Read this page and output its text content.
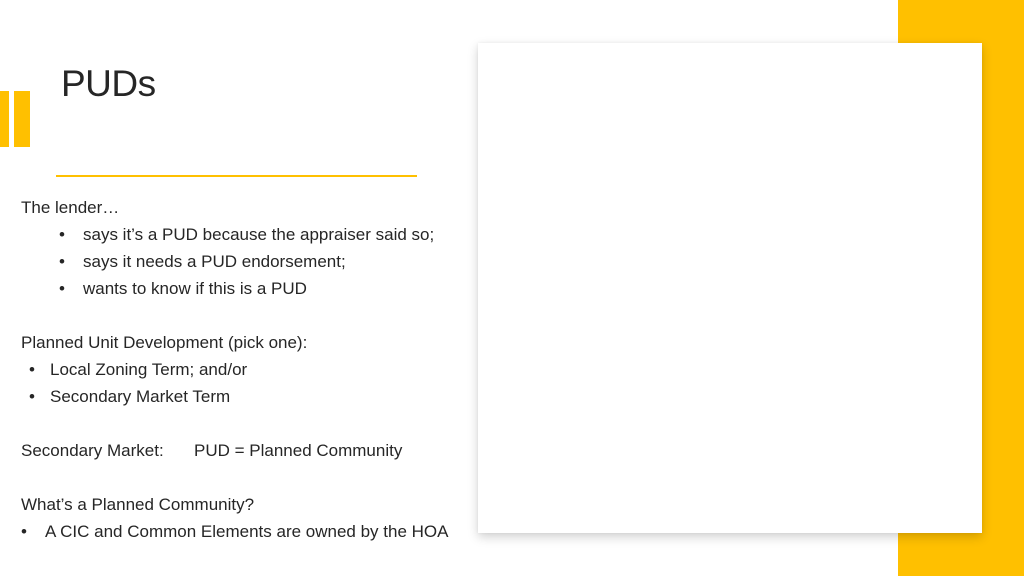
PUDs
The lender…
• says it’s a PUD because the appraiser said so;
• says it needs a PUD endorsement;
• wants to know if this is a PUD
Planned Unit Development (pick one):
• Local Zoning Term; and/or
• Secondary Market Term
Secondary Market: PUD = Planned Community
What’s a Planned Community?
• A CIC and Common Elements are owned by the HOA
